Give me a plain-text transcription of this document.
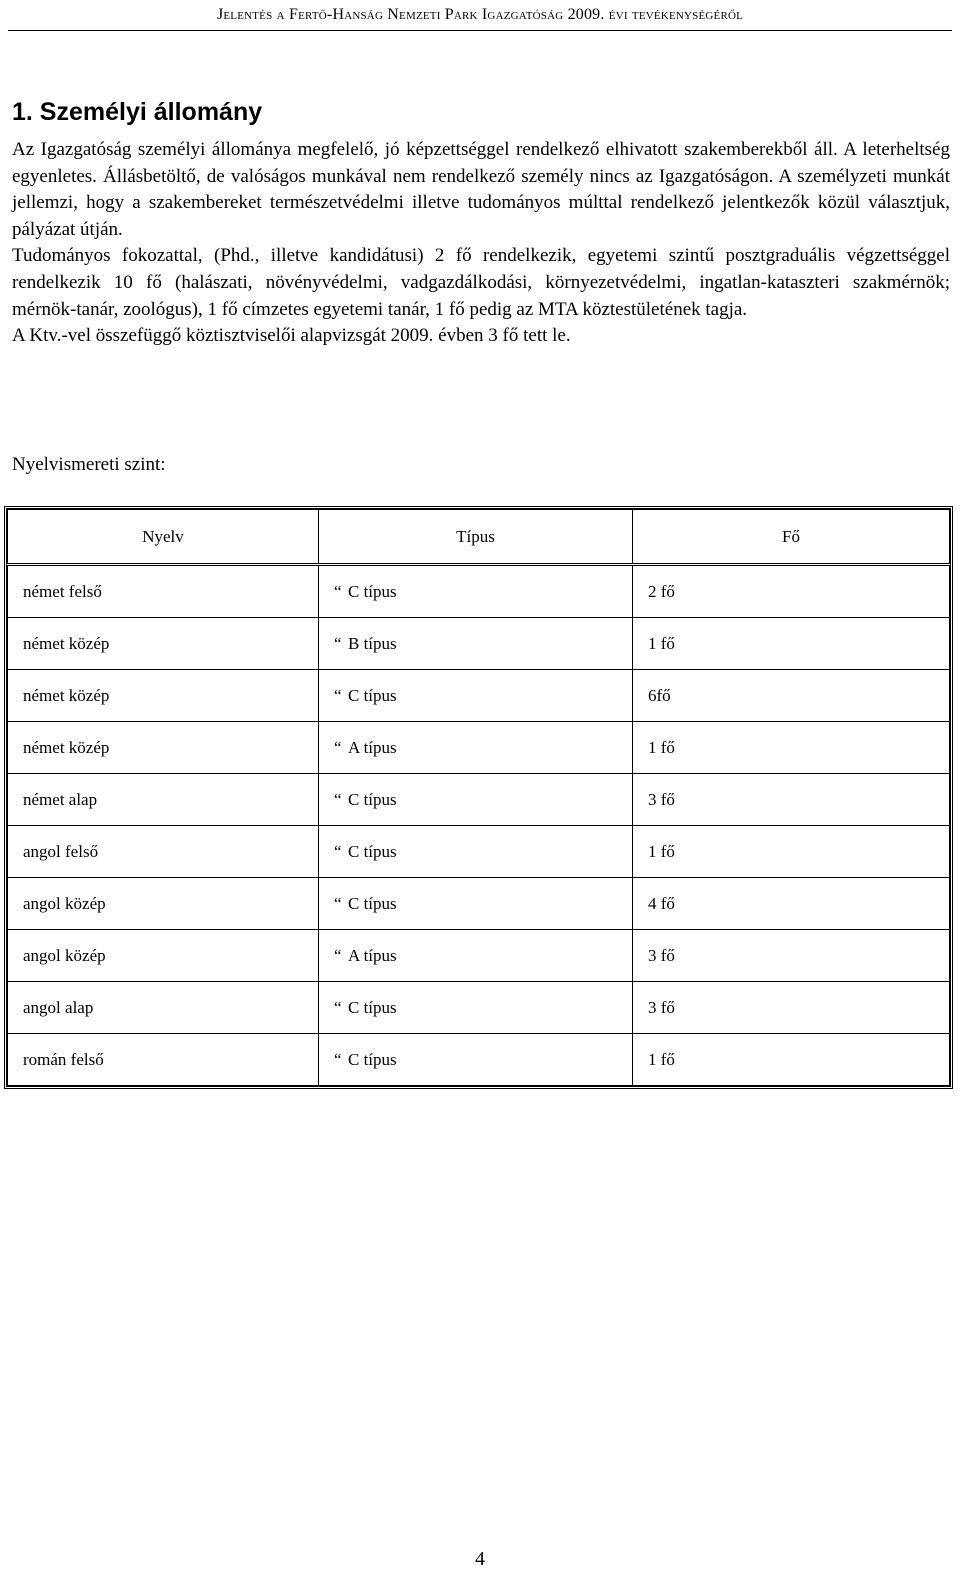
Jelentés a Fertő-Hanság Nemzeti Park Igazgatóság 2009. évi tevékenységéről
1. Személyi állomány

Az Igazgatóság személyi állománya megfelelő, jó képzettséggel rendelkező elhivatott szakemberekből áll. A leterheltség egyenletes. Állásbetöltő, de valóságos munkával nem rendelkező személy nincs az Igazgatóságon. A személyzeti munkát jellemzi, hogy a szakembereket természetvédelmi illetve tudományos múlttal rendelkező jelentkezők közül választjuk, pályázat útján.

Tudományos fokozattal, (Phd., illetve kandidátusi) 2 fő rendelkezik, egyetemi szintű posztgraduális végzettséggel rendelkezik 10 fő (halászati, növényvédelmi, vadgazdálkodási, környezetvédelmi, ingatlan-kataszteri szakmérnök; mérnök-tanár, zoológus), 1 fő címzetes egyetemi tanár, 1 fő pedig az MTA köztestületének tagja.

A Ktv.-vel összefüggő köztisztviselői alapvizsgát 2009. évben 3 fő tett le.

Nyelvismereti szint:

Nyelv	Típus	Fő
német felső	“ C típus	2 fő
német közép	“ B típus	1 fő
német közép	“ C típus	6fő
német közép	“ A típus	1 fő
német alap	“ C típus	3 fő
angol felső	“ C típus	1 fő
angol közép	“ C típus	4 fő
angol közép	“ A típus	3 fő
angol alap	“ C típus	3 fő
román felső	“ C típus	1 fő
4
